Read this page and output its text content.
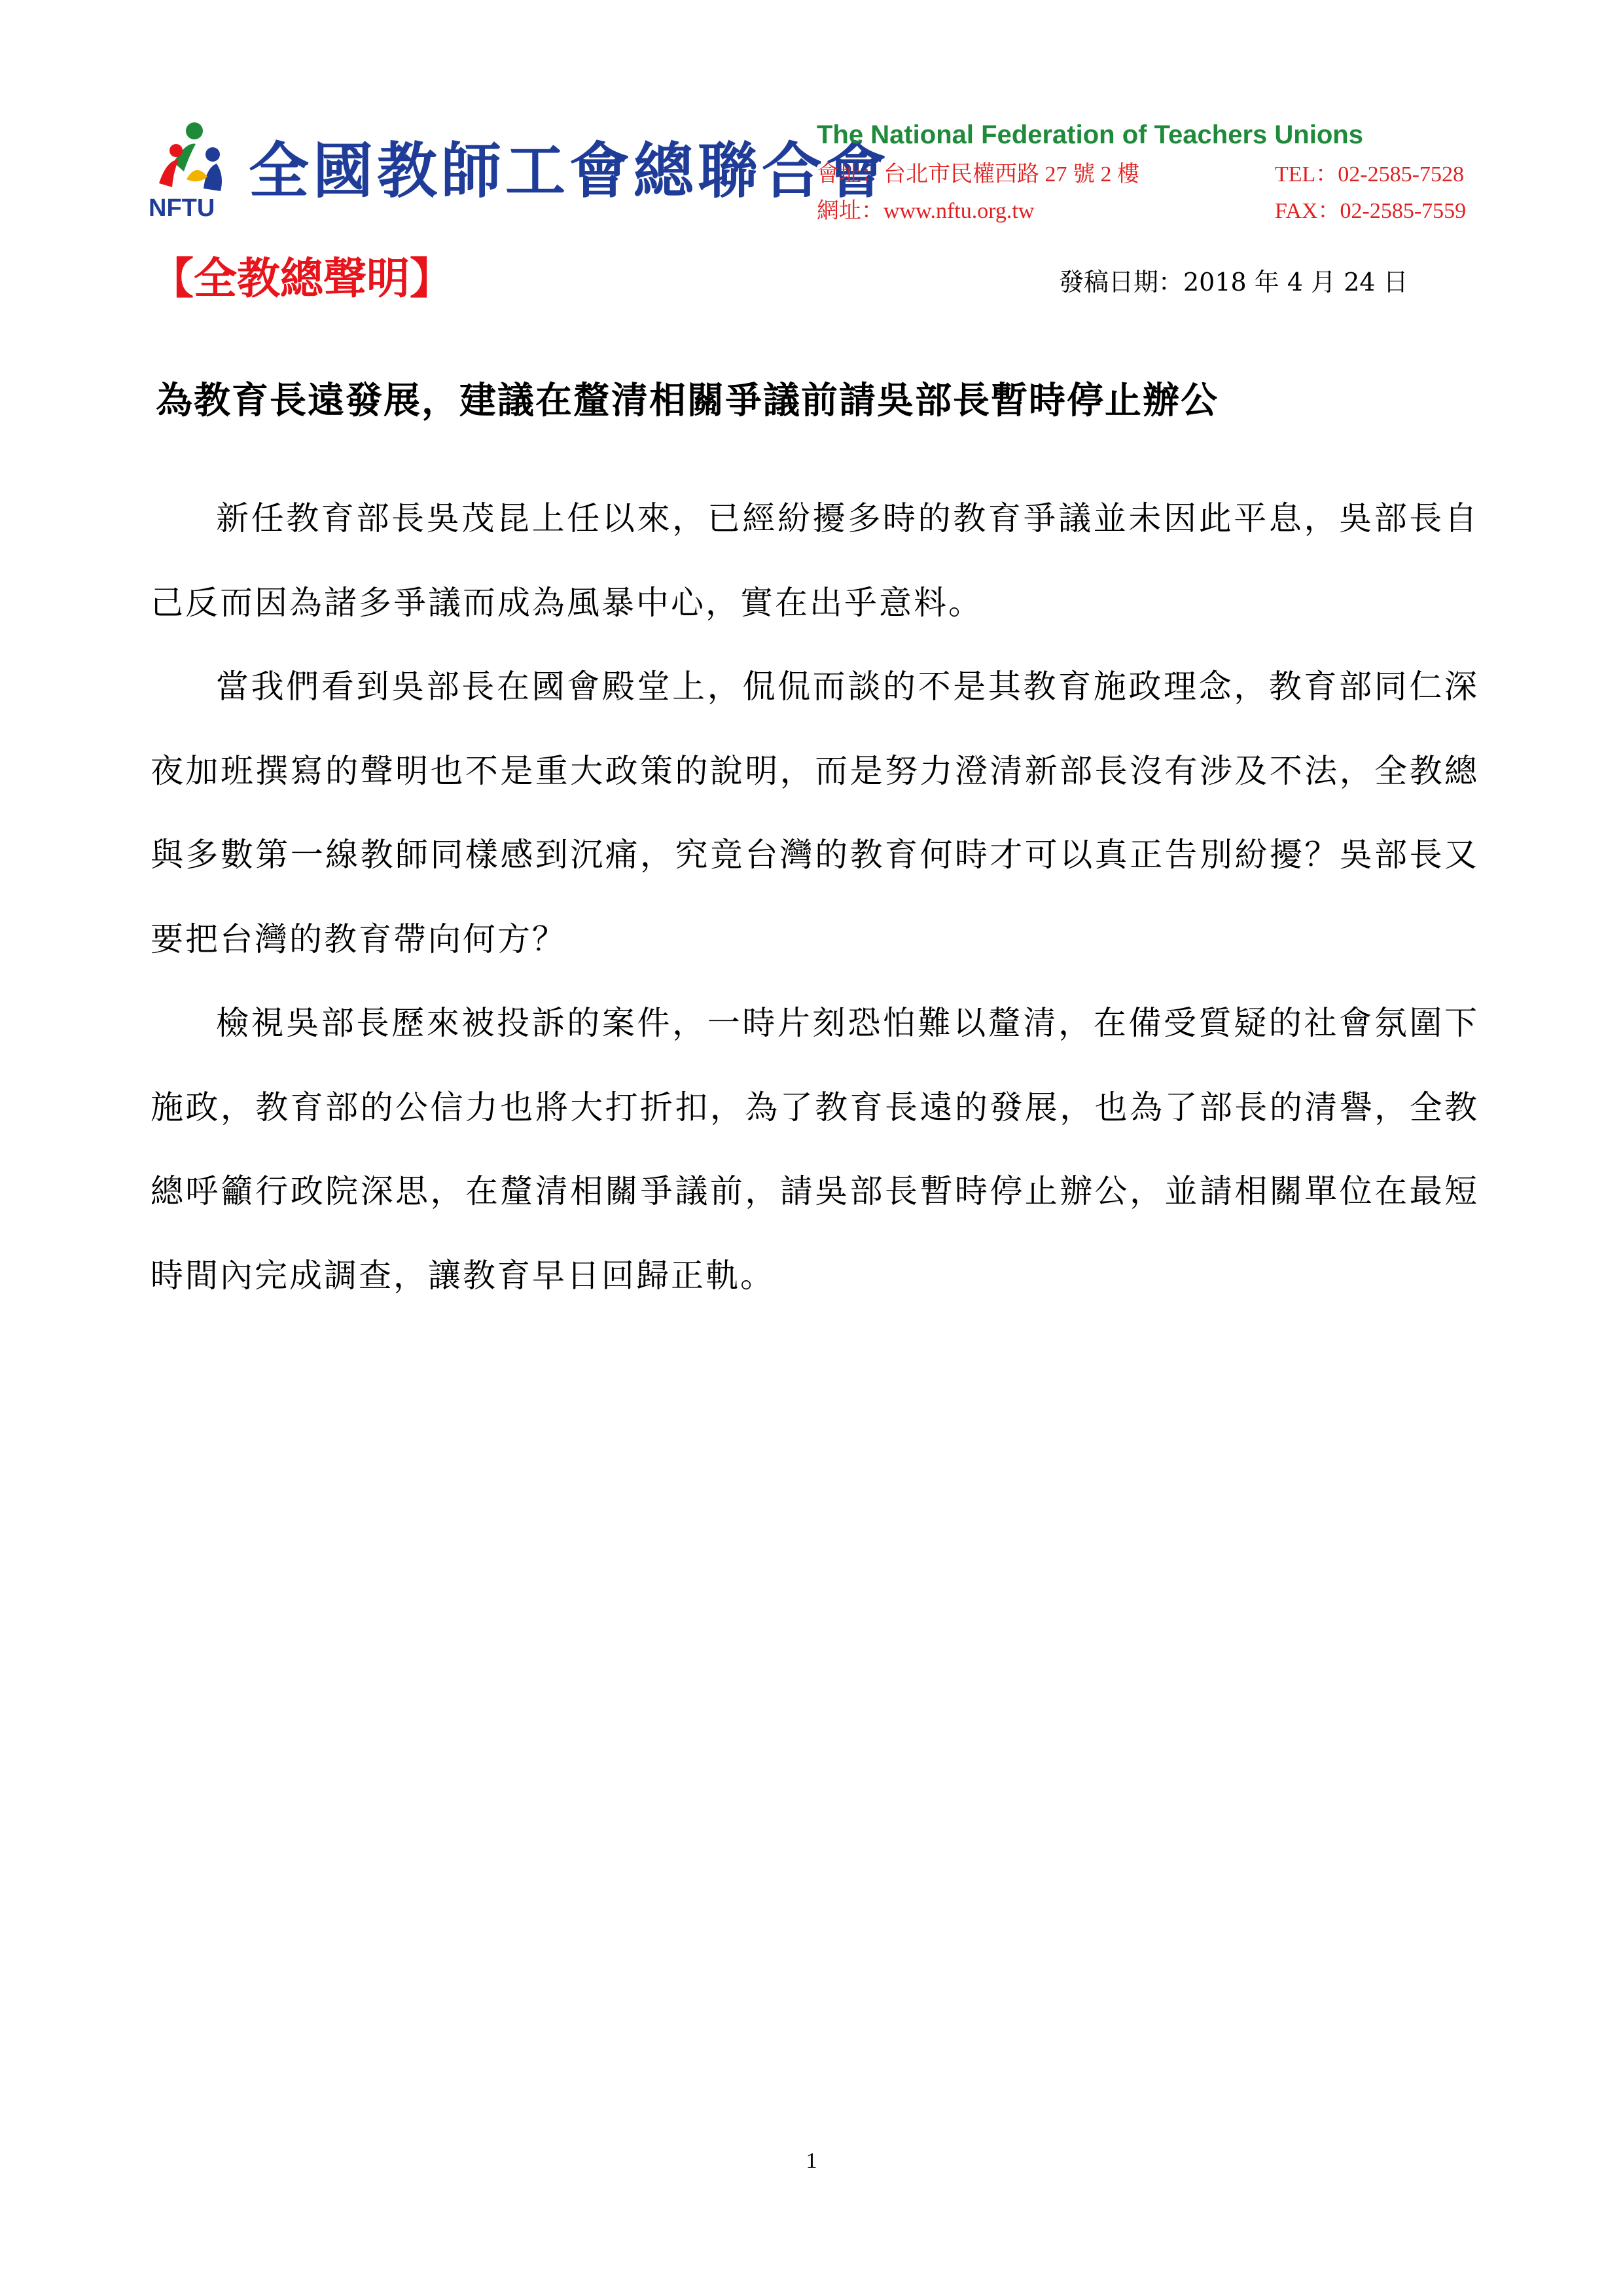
NFTU
全國教師工會總聯合會
The National Federation of Teachers Unions
會址：台北市民權西路 27 號 2 樓	TEL：02-2585-7528
網址：www.nftu.org.tw	FAX：02-2585-7559
【全教總聲明】	發稿日期：2018 年 4 月 24 日
為教育長遠發展，建議在釐清相關爭議前請吳部長暫時停止辦公

新任教育部長吳茂昆上任以來，已經紛擾多時的教育爭議並未因此平息，吳部長自己反而因為諸多爭議而成為風暴中心，實在出乎意料。

當我們看到吳部長在國會殿堂上，侃侃而談的不是其教育施政理念，教育部同仁深夜加班撰寫的聲明也不是重大政策的說明，而是努力澄清新部長沒有涉及不法，全教總與多數第一線教師同樣感到沉痛，究竟台灣的教育何時才可以真正告別紛擾？吳部長又要把台灣的教育帶向何方？

檢視吳部長歷來被投訴的案件，一時片刻恐怕難以釐清，在備受質疑的社會氛圍下施政，教育部的公信力也將大打折扣，為了教育長遠的發展，也為了部長的清譽，全教總呼籲行政院深思，在釐清相關爭議前，請吳部長暫時停止辦公，並請相關單位在最短時間內完成調查，讓教育早日回歸正軌。

1
